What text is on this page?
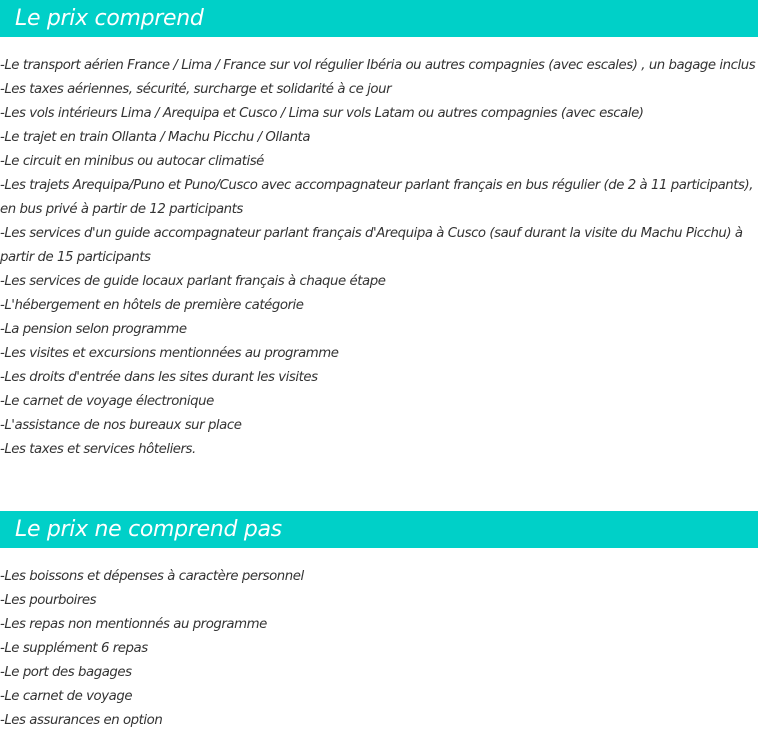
Le prix comprend
-Le transport aérien France / Lima / France sur vol régulier Ibéria ou autres compagnies (avec escales) , un bagage inclus
-Les taxes aériennes, sécurité, surcharge et solidarité à ce jour
-Les vols intérieurs Lima / Arequipa et Cusco / Lima sur vols Latam ou autres compagnies (avec escale)
-Le trajet en train Ollanta / Machu Picchu / Ollanta
-Le circuit en minibus ou autocar climatisé
-Les trajets Arequipa/Puno et Puno/Cusco avec accompagnateur parlant français en bus régulier (de 2 à 11 participants), en bus privé à partir de 12 participants
-Les services d'un guide accompagnateur parlant français d'Arequipa à Cusco (sauf durant la visite du Machu Picchu) à partir de 15 participants
-Les services de guide locaux parlant français à chaque étape
-L'hébergement en hôtels de première catégorie
-La pension selon programme
-Les visites et excursions mentionnées au programme
-Les droits d'entrée dans les sites durant les visites
-Le carnet de voyage électronique
-L'assistance de nos bureaux sur place
-Les taxes et services hôteliers.
Le prix ne comprend pas
-Les boissons et dépenses à caractère personnel
-Les pourboires
-Les repas non mentionnés au programme
-Le supplément 6 repas
-Le port des bagages
-Le carnet de voyage
-Les assurances en option
